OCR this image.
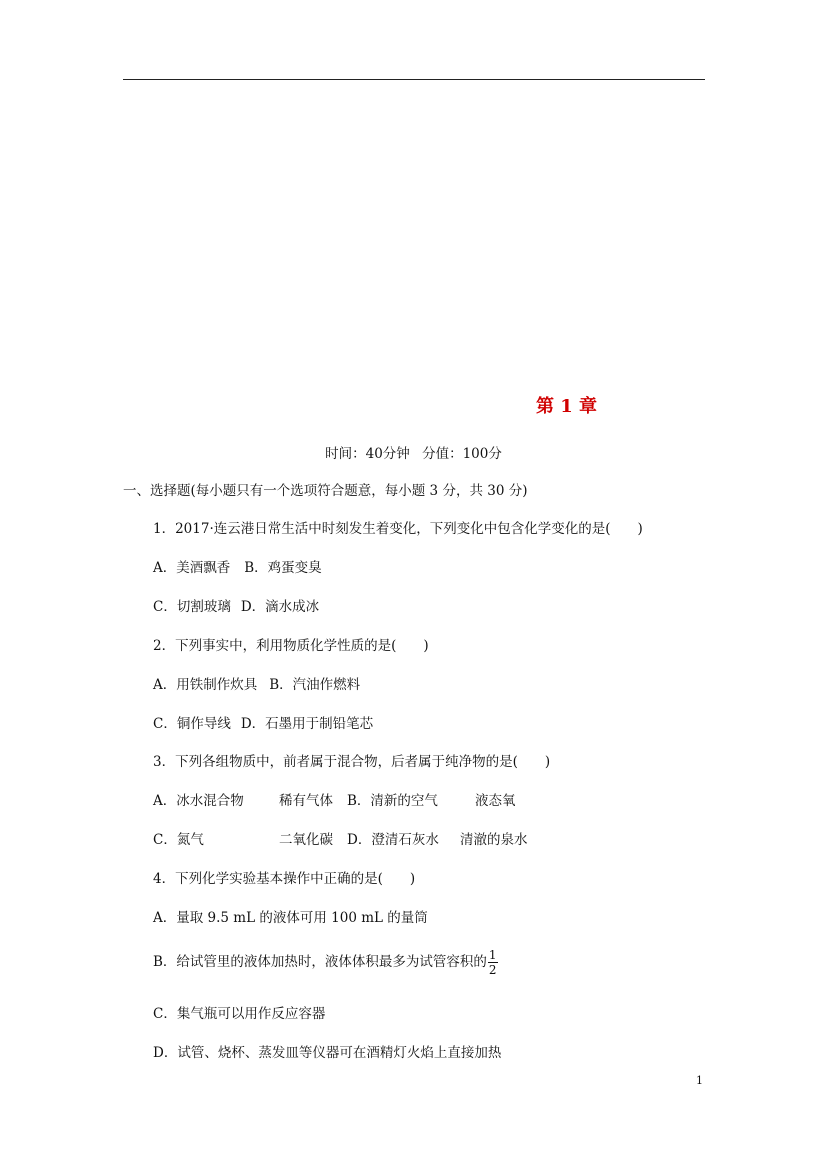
第 1 章
时间：40分钟 分值：100分
一、选择题(每小题只有一个选项符合题意，每小题 3 分，共 30 分)
1．2017·连云港日常生活中时刻发生着变化，下列变化中包含化学变化的是(　　)
A．美酒飘香 B．鸡蛋变臭
C．切割玻璃 D．滴水成冰
2．下列事实中，利用物质化学性质的是(　　)
A．用铁制作炊具 B．汽油作燃料
C．铜作导线 D．石墨用于制铅笔芯
3．下列各组物质中，前者属于混合物，后者属于纯净物的是(　　)
A．冰水混合物	稀有气体 B．清新的空气	液态氧
C．氮气	二氧化碳 D．澄清石灰水 清澈的泉水
4．下列化学实验基本操作中正确的是(　　)
A．量取 9.5 mL 的液体可用 100 mL 的量筒
B．给试管里的液体加热时，液体体积最多为试管容积的 $\frac{1}{2}$
C．集气瓶可以用作反应容器
D．试管、烧杯、蒸发皿等仪器可在酒精灯火焰上直接加热
1
